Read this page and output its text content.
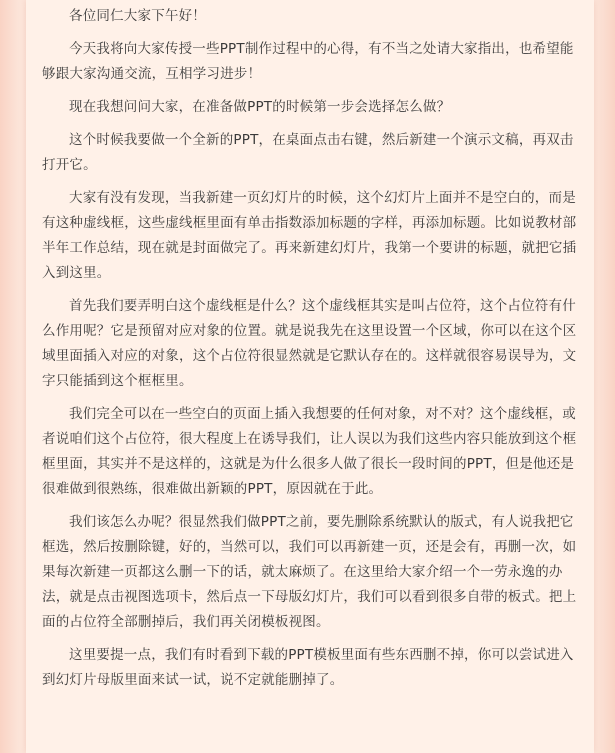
各位同仁大家下午好！

今天我将向大家传授一些PPT制作过程中的心得，有不当之处请大家指出，也希望能够跟大家沟通交流，互相学习进步！

现在我想问问大家，在准备做PPT的时候第一步会选择怎么做？

这个时候我要做一个全新的PPT，在桌面点击右键，然后新建一个演示文稿，再双击打开它。

大家有没有发现，当我新建一页幻灯片的时候，这个幻灯片上面并不是空白的，而是有这种虚线框，这些虚线框里面有单击指数添加标题的字样，再添加标题。比如说教材部半年工作总结，现在就是封面做完了。再来新建幻灯片，我第一个要讲的标题，就把它插入到这里。

首先我们要弄明白这个虚线框是什么？这个虚线框其实是叫占位符，这个占位符有什么作用呢？它是预留对应对象的位置。就是说我先在这里设置一个区域，你可以在这个区域里面插入对应的对象，这个占位符很显然就是它默认存在的。这样就很容易误导为，文字只能插到这个框框里。

我们完全可以在一些空白的页面上插入我想要的任何对象，对不对？这个虚线框，或者说咱们这个占位符，很大程度上在诱导我们，让人误以为我们这些内容只能放到这个框框里面，其实并不是这样的，这就是为什么很多人做了很长一段时间的PPT，但是他还是很难做到很熟练，很难做出新颖的PPT，原因就在于此。

我们该怎么办呢？很显然我们做PPT之前，要先删除系统默认的版式，有人说我把它框选，然后按删除键，好的，当然可以，我们可以再新建一页，还是会有，再删一次，如果每次新建一页都这么删一下的话，就太麻烦了。在这里给大家介绍一个一劳永逸的办法，就是点击视图选项卡，然后点一下母版幻灯片，我们可以看到很多自带的板式。把上面的占位符全部删掉后，我们再关闭模板视图。

这里要提一点，我们有时看到下载的PPT模板里面有些东西删不掉，你可以尝试进入到幻灯片母版里面来试一试，说不定就能删掉了。
